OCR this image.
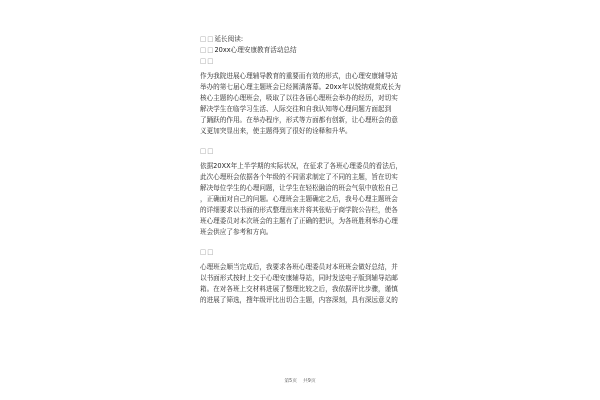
□□延长阅读:
□□20xx心理安康教育活动总结
□□
作为我院进展心理辅导教育的重要而有效的形式，由心理安康辅导站
举办的第七届心理主题班会已经圆满落幕。20xx年以悦纳观赏成长为
核心主题的心理班会，吸取了以往各届心理班会举办的经历，对切实
解决学生在临学习生活、人际交往和自我认知等心理问题方面起到
了踊跃的作用。在举办程序，形式等方面都有创新，让心理班会的意
义更加突显出来，使主题得到了很好的诠释和升华。
□□
依据20XX年上半学期的实际状况，在征求了各班心理委员的看法后，
此次心理班会依据各个年级的不同需求制定了不同的主题，旨在切实
解决每位学生的心理问题，让学生在轻松融洽的班会气氛中放松自己
，正确面对自己的问题。心理班会主题确定之后，我号心理主题班会
的详细要求以书面的形式整理出来并将其张贴于商学院公告栏，使各
班心理委员对本次班会的主题有了正确的把识，为各班胜利举办心理
班会供应了参考和方向。
□□
心理班会顺当完成后，我要求各班心理委员对本班班会做好总结，并
以书面形式按时上交于心理安康辅导站，同时发送电子版到辅导站邮
箱。在对各班上交材料进展了整理比较之后，我依据评比步骤，谨慎
的进展了筛选，搜年级评比出切合主题，内容深刻，具有深远意义的
第5页 共9页
